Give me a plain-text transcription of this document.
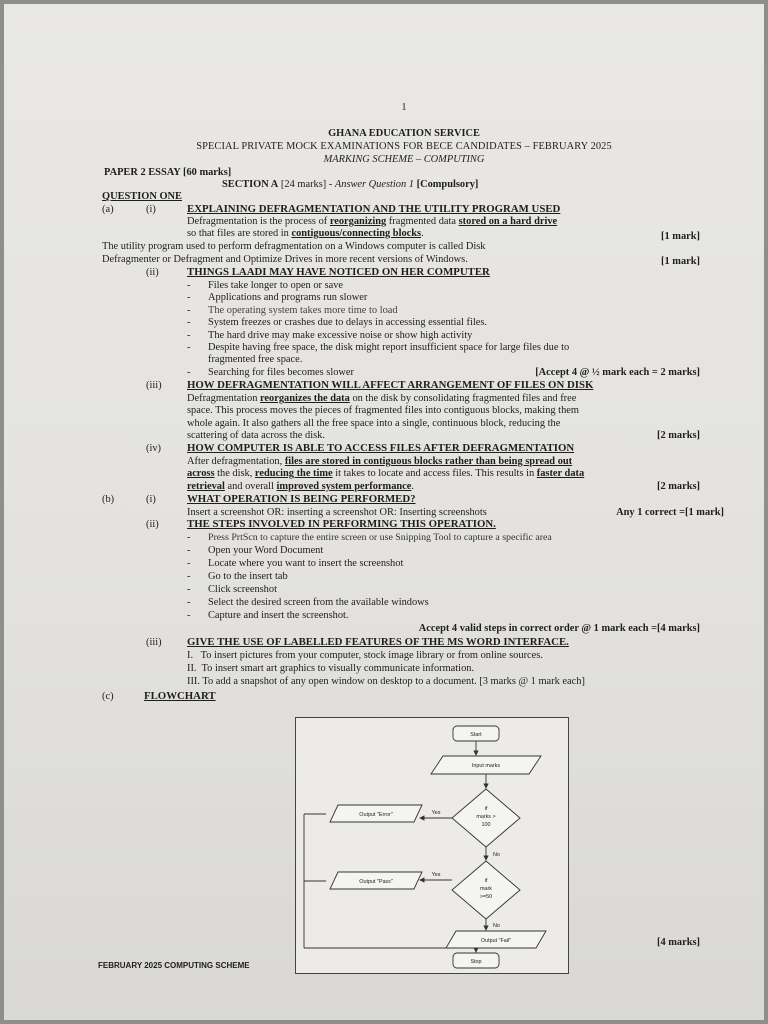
1
GHANA EDUCATION SERVICE
SPECIAL PRIVATE MOCK EXAMINATIONS FOR BECE CANDIDATES – FEBRUARY 2025
MARKING SCHEME – COMPUTING
PAPER 2 ESSAY [60 marks]
SECTION A [24 marks] - Answer Question 1 [Compulsory]
QUESTION ONE
(a)	(i)	EXPLAINING DEFRAGMENTATION AND THE UTILITY PROGRAM USED
Defragmentation is the process of reorganizing fragmented data stored on a hard drive
so that files are stored in contiguous/connecting blocks.	[1 mark]
The utility program used to perform defragmentation on a Windows computer is called Disk
Defragmenter or Defragment and Optimize Drives in more recent versions of Windows.	[1 mark]
(ii)	THINGS LAADI MAY HAVE NOTICED ON HER COMPUTER
-	Files take longer to open or save
-	Applications and programs run slower
-	The operating system takes more time to load
-	System freezes or crashes due to delays in accessing essential files.
-	The hard drive may make excessive noise or show high activity
-	Despite having free space, the disk might report insufficient space for large files due to
fragmented free space.
-	Searching for files becomes slower	[Accept 4 @ ½ mark each = 2 marks]
(iii) HOW DEFRAGMENTATION WILL AFFECT ARRANGEMENT OF FILES ON DISK
Defragmentation reorganizes the data on the disk by consolidating fragmented files and free
space. This process moves the pieces of fragmented files into contiguous blocks, making them
whole again. It also gathers all the free space into a single, continuous block, reducing the
scattering of data across the disk.	[2 marks]
(iv) HOW COMPUTER IS ABLE TO ACCESS FILES AFTER DEFRAGMENTATION
After defragmentation, files are stored in contiguous blocks rather than being spread out
across the disk, reducing the time it takes to locate and access files. This results in faster data
retrieval and overall improved system performance.	[2 marks]
(b)	(i)	WHAT OPERATION IS BEING PERFORMED?
Insert a screenshot OR: inserting a screenshot OR: Inserting screenshots	Any 1 correct =[1 mark]
(ii)	THE STEPS INVOLVED IN PERFORMING THIS OPERATION.
-	Press PrtScn to capture the entire screen or use Snipping Tool to capture a specific area
-	Open your Word Document
-	Locate where you want to insert the screenshot
-	Go to the insert tab
-	Click screenshot
-	Select the desired screen from the available windows
-	Capture and insert the screenshot.
Accept 4 valid steps in correct order @ 1 mark each =[4 marks]
(iii) GIVE THE USE OF LABELLED FEATURES OF THE MS WORD INTERFACE.
I.   To insert pictures from your computer, stock image library or from online sources.
II.  To insert smart art graphics to visually communicate information.
III. To add a snapshot of any open window on desktop to a document. [3 marks @ 1 mark each]
(c)	FLOWCHART
Start
Input marks
if
marks >
100
Yes
No
Output "Error"
if
mark
>=50
Yes
No
Output "Pass"
Output "Fail"
Stop
[4 marks]
FEBRUARY 2025 COMPUTING SCHEME
